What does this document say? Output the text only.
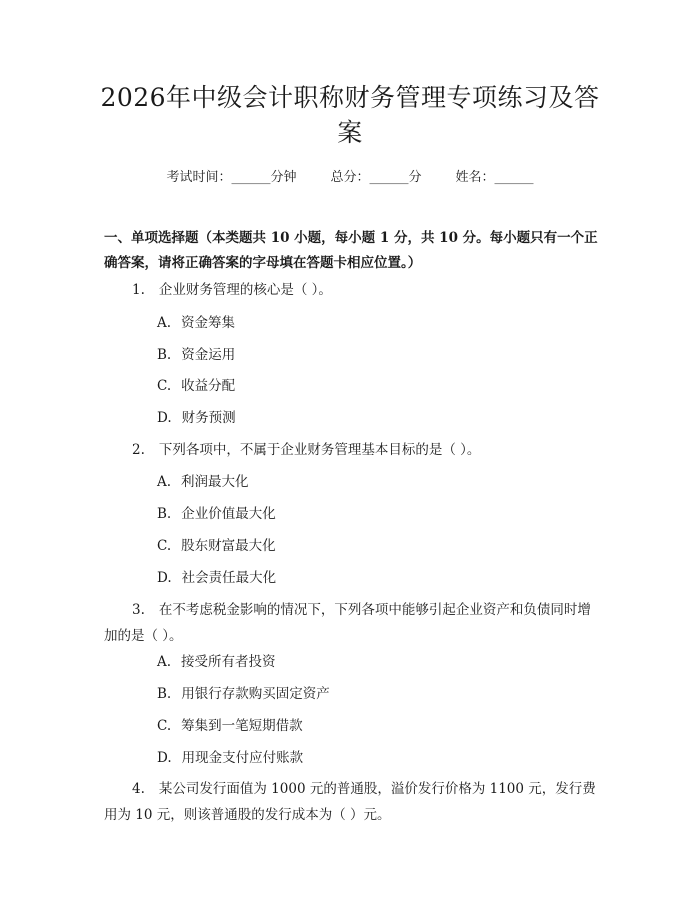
2026年中级会计职称财务管理专项练习及答案
考试时间：______分钟	总分：______分	姓名：______
一、单项选择题（本类题共 10 小题，每小题 1 分，共 10 分。每小题只有一个正确答案，请将正确答案的字母填在答题卡相应位置。）
1. 企业财务管理的核心是（ ）。
A. 资金筹集
B. 资金运用
C. 收益分配
D. 财务预测
2. 下列各项中，不属于企业财务管理基本目标的是（ ）。
A. 利润最大化
B. 企业价值最大化
C. 股东财富最大化
D. 社会责任最大化
3. 在不考虑税金影响的情况下，下列各项中能够引起企业资产和负债同时增加的是（ ）。
A. 接受所有者投资
B. 用银行存款购买固定资产
C. 筹集到一笔短期借款
D. 用现金支付应付账款
4. 某公司发行面值为 1000 元的普通股，溢价发行价格为 1100 元，发行费用为 10 元，则该普通股的发行成本为（ ）元。
